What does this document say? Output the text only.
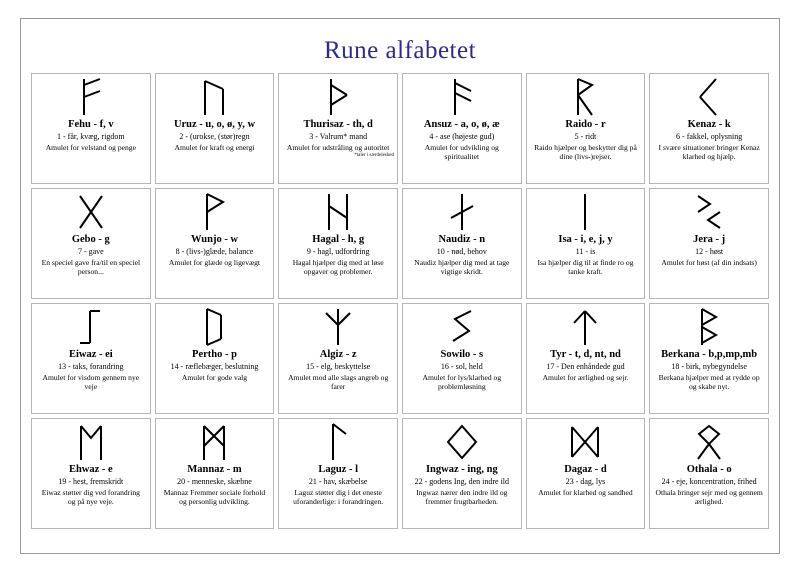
Rune alfabetet
Fehu - f, v
1 - får, kvæg, rigdom
Amulet for velstand og penge
Uruz - u, o, ø, y, w
2 - (urokse, (stør)regn
Amulet for kraft og energi
Thurisaz - th, d
3 - Valrum* mand
Amulet for udstråling og autoritet
*taler i særdeleshed
Ansuz - a, o, ø, æ
4 - ase (højeste gud)
Amulet for udvikling og spiritualitet
Raido - r
5 - ridt
Raido hjælper og beskytter dig på dine (livs-)rejser.
Kenaz - k
6 - fakkel, oplysning
I svære situationer bringer Kenaz klarhed og hjælp.
Gebo - g
7 - gave
En speciel gave fra/til en speciel person...
Wunjo - w
8 - (livs-)glæde, balance
Amulet for glæde og ligevægt
Hagal - h, g
9 - hagl, udfordring
Hagal hjælper dig med at løse opgaver og problemer.
Naudiz - n
10 - nød, behov
Naudiz hjælper dig med at tage vigtige skridt.
Isa - i, e, j, y
11 - is
Isa hjælper dig til at finde ro og tanke kraft.
Jera - j
12 - høst
Amulet for høst (af din indsats)
Eiwaz - ei
13 - taks, forandring
Amulet for visdom gennem nye veje
Pertho - p
14 - ræflebæger, beslutning
Amulet for gode valg
Algiz - z
15 - elg, beskyttelse
Amulet mod alle slags angreb og farer
Sowilo - s
16 - sol, held
Amulet for lys/klarhed og problemløsning
Tyr - t, d, nt, nd
17 - Den enhåndede gud
Amulet for ærlighed og sejr.
Berkana - b,p,mp,mb
18 - birk, nybegyndelse
Berkana hjælper med at rydde op og skabe nyt.
Ehwaz - e
19 - hest, fremskridt
Eiwaz støtter dig ved forandring og på nye veje.
Mannaz - m
20 - menneske, skæbne
Mannaz Fremmer sociale forhold og personlig udvikling.
Laguz - l
21 - hav, skæbelse
Laguz støtter dig i det eneste uforanderlige: i forandringen.
Ingwaz - ing, ng
22 - godens Ing, den indre ild
Ingwaz nærer den indre ild og fremmer frugtbarheden.
Dagaz - d
23 - dag, lys
Amulet for klarhed og sandhed
Othala - o
24 - eje, koncentration, frihed
Othala bringer sejr med og gennem ærlighed.
